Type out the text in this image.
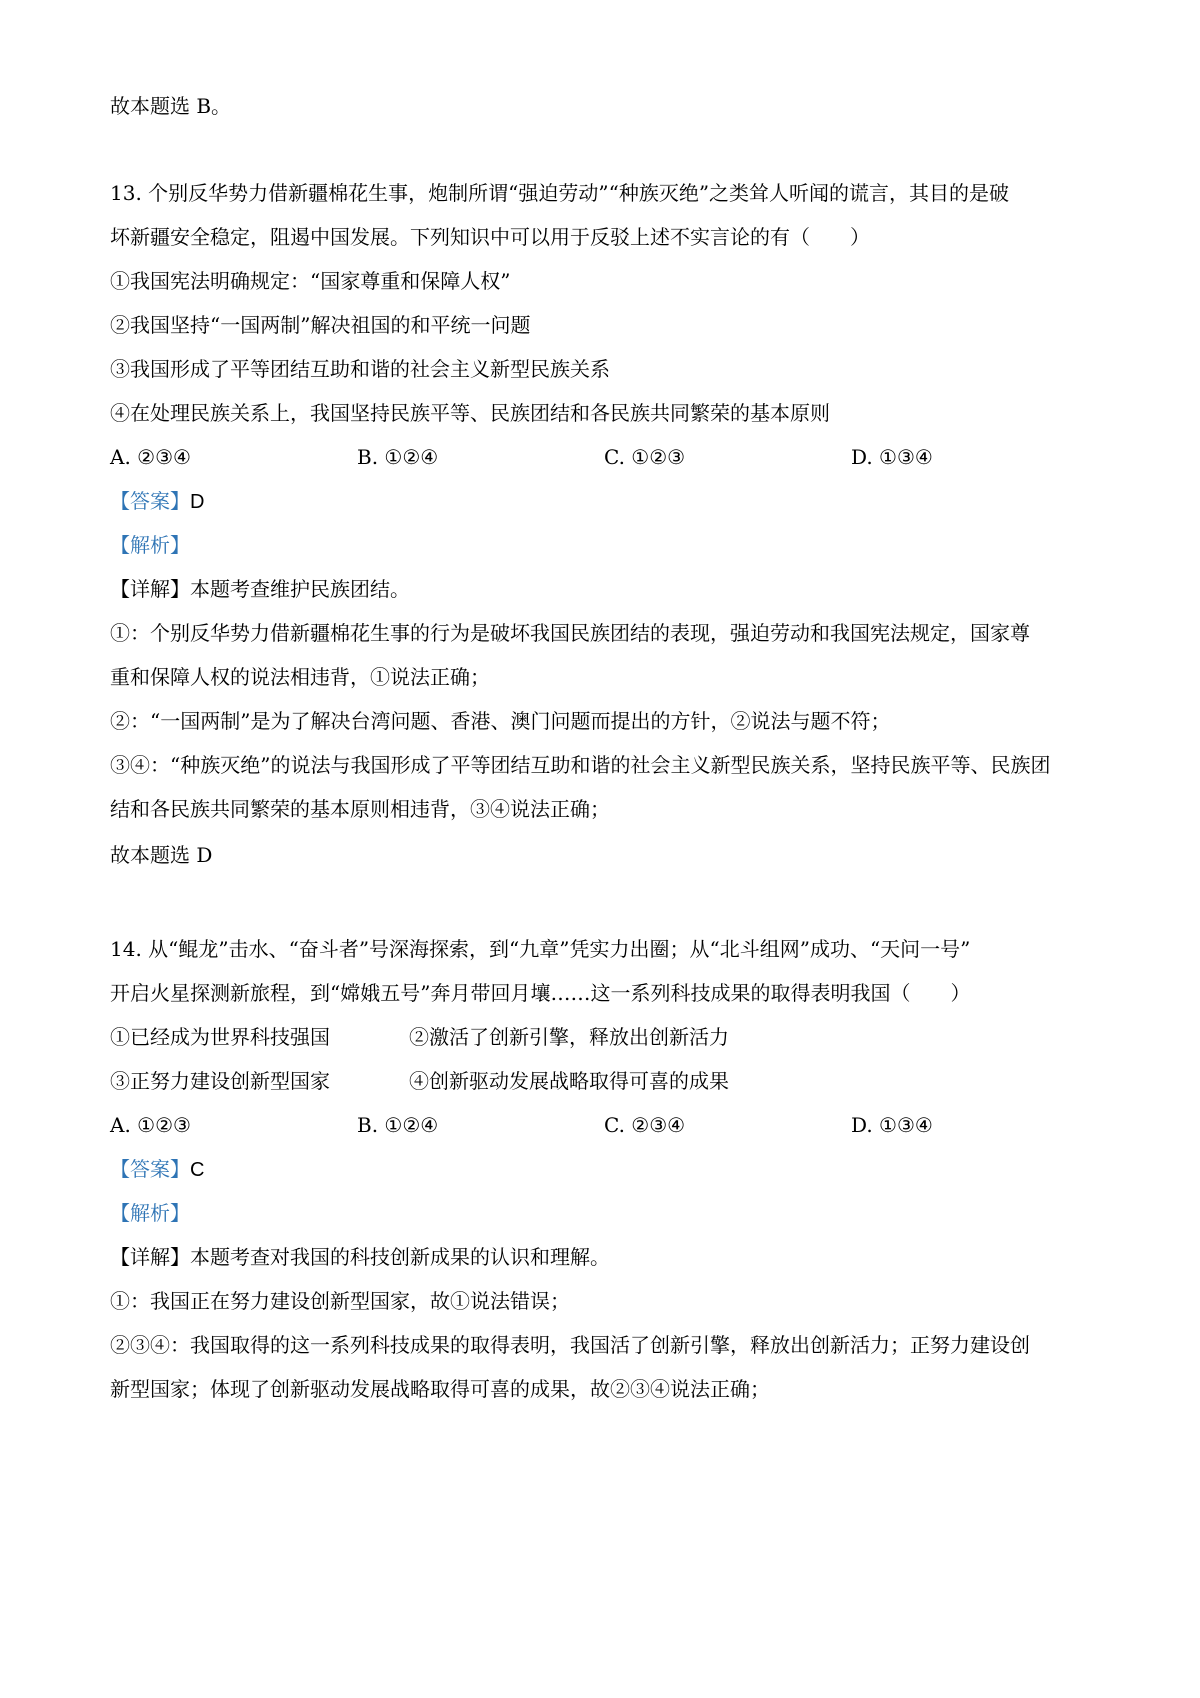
故本题选 B。
13. 个别反华势力借新疆棉花生事，炮制所谓“强迫劳动”“种族灭绝”之类耸人听闻的谎言，其目的是破
坏新疆安全稳定，阻遏中国发展。下列知识中可以用于反驳上述不实言论的有（　　）
①我国宪法明确规定：“国家尊重和保障人权”
②我国坚持“一国两制”解决祖国的和平统一问题
③我国形成了平等团结互助和谐的社会主义新型民族关系
④在处理民族关系上，我国坚持民族平等、民族团结和各民族共同繁荣的基本原则
A. ②③④	B. ①②④	C. ①②③	D. ①③④
【答案】D
【解析】
【详解】本题考查维护民族团结。
①：个别反华势力借新疆棉花生事的行为是破坏我国民族团结的表现，强迫劳动和我国宪法规定，国家尊
重和保障人权的说法相违背，①说法正确；
②：“一国两制”是为了解决台湾问题、香港、澳门问题而提出的方针，②说法与题不符；
③④：“种族灭绝”的说法与我国形成了平等团结互助和谐的社会主义新型民族关系，坚持民族平等、民族团
结和各民族共同繁荣的基本原则相违背，③④说法正确；
故本题选 D
14. 从“鲲龙”击水、“奋斗者”号深海探索，到“九章”凭实力出圈；从“北斗组网”成功、“天问一号”
开启火星探测新旅程，到“嫦娥五号”奔月带回月壤……这一系列科技成果的取得表明我国（　　）
①已经成为世界科技强国	②激活了创新引擎，释放出创新活力
③正努力建设创新型国家	④创新驱动发展战略取得可喜的成果
A. ①②③	B. ①②④	C. ②③④	D. ①③④
【答案】C
【解析】
【详解】本题考查对我国的科技创新成果的认识和理解。
①：我国正在努力建设创新型国家，故①说法错误；
②③④：我国取得的这一系列科技成果的取得表明，我国活了创新引擎，释放出创新活力；正努力建设创
新型国家；体现了创新驱动发展战略取得可喜的成果，故②③④说法正确；
